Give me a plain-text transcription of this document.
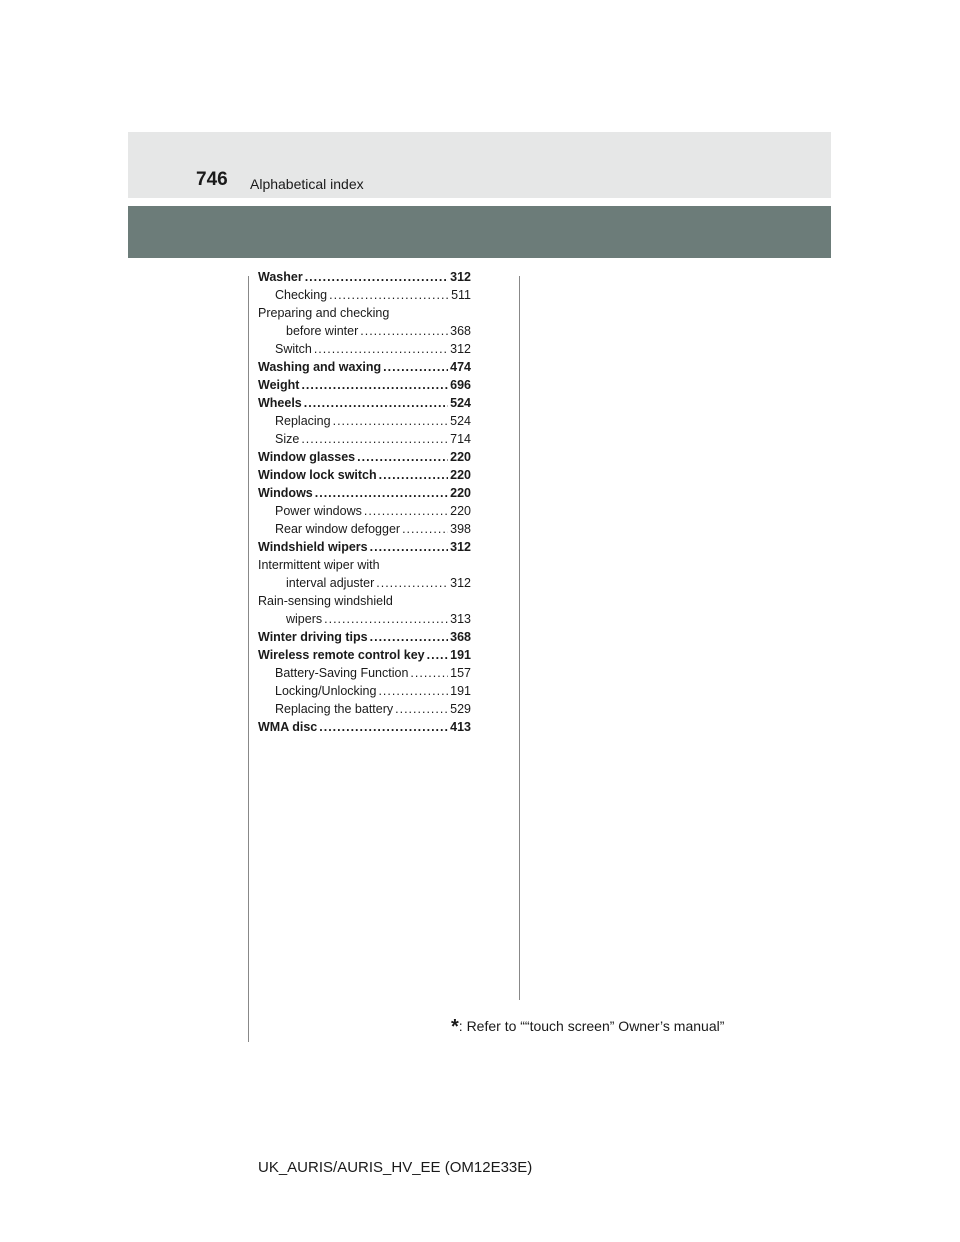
746 Alphabetical index
Washer .....	312
Checking .....	511
Preparing and checking
before winter .....	368
Switch .....	312
Washing and waxing .....	474
Weight .....	696
Wheels .....	524
Replacing .....	524
Size .....	714
Window glasses .....	220
Window lock switch .....	220
Windows .....	220
Power windows .....	220
Rear window defogger .....	398
Windshield wipers .....	312
Intermittent wiper with
interval adjuster .....	312
Rain-sensing windshield
wipers .....	313
Winter driving tips .....	368
Wireless remote control key ..... 191
Battery-Saving Function .....	157
Locking/Unlocking .....	191
Replacing the battery .....	529
WMA disc .....	413
*: Refer to ““touch screen” Owner’s manual”
UK_AURIS/AURIS_HV_EE (OM12E33E)
